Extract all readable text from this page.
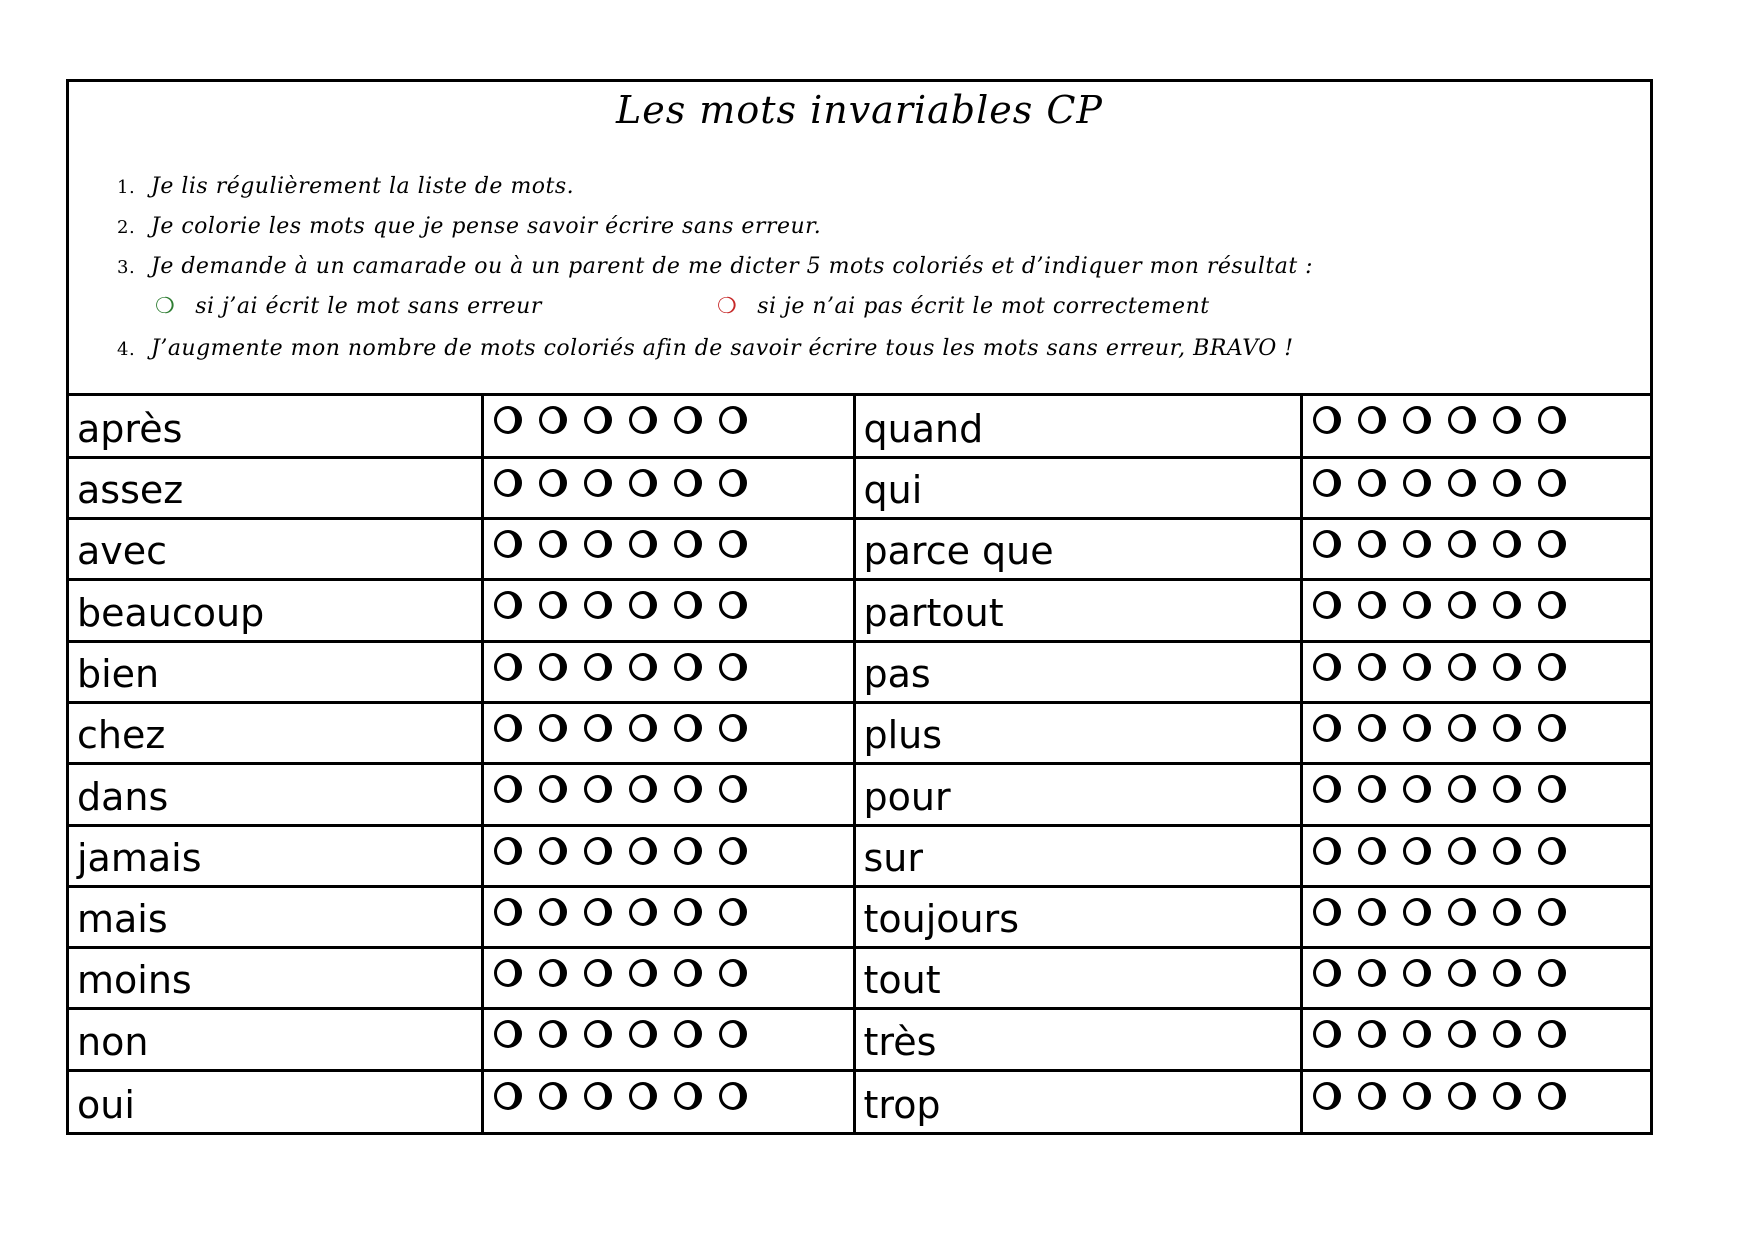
Les mots invariables CP
1. Je lis régulièrement la liste de mots.
2. Je colorie les mots que je pense savoir écrire sans erreur.
3. Je demande à un camarade ou à un parent de me dicter 5 mots coloriés et d’indiquer mon résultat :
❍ si j’ai écrit le mot sans erreur	❍ si je n’ai pas écrit le mot correctement
4. J’augmente mon nombre de mots coloriés afin de savoir écrire tous les mots sans erreur, BRAVO !
après		quand	

assez		qui	

avec		parce que	

beaucoup		partout	

bien		pas	

chez		plus	

dans		pour	

jamais		sur	

mais		toujours	

moins		tout	

non		très	

oui		trop	
